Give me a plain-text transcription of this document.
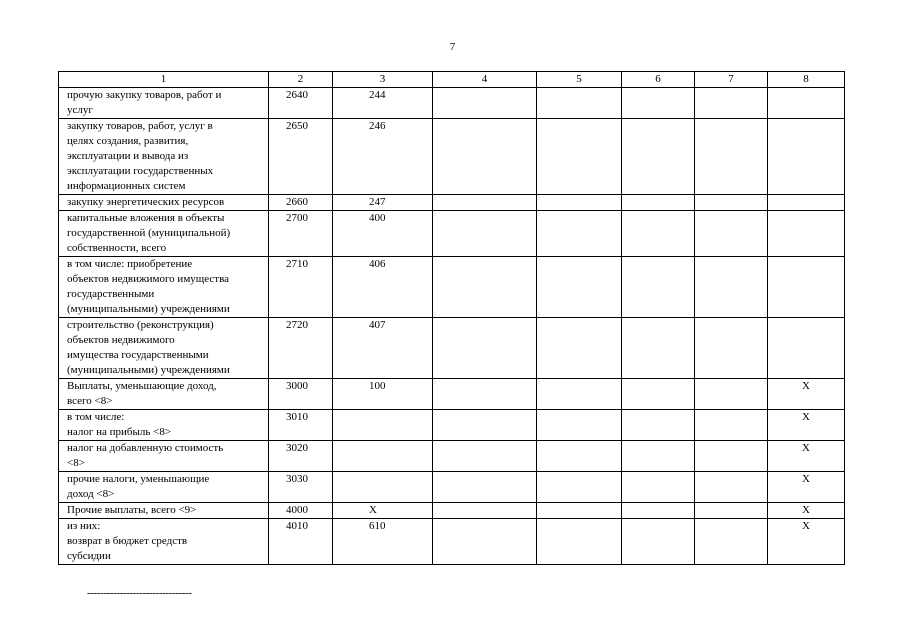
7
1	2	3	4	5	6	7	8
прочую закупку товаров, работ и
услуг	2640	244					
закупку товаров, работ, услуг в
целях создания, развития,
эксплуатации и вывода из
эксплуатации государственных
информационных систем	2650	246					
закупку энергетических ресурсов	2660	247					
капитальные вложения в объекты
государственной (муниципальной)
собственности, всего	2700	400					
в том числе: приобретение
объектов недвижимого имущества
государственными
(муниципальными) учреждениями	2710	406					
строительство (реконструкция)
объектов недвижимого
имущества государственными
(муниципальными) учреждениями	2720	407					
Выплаты, уменьшающие доход,
всего <8>	3000	100					X
в том числе:
налог на прибыль <8>	3010						X
налог на добавленную стоимость
<8>	3020						X
прочие налоги, уменьшающие
доход <8>	3030						X
Прочие выплаты, всего <9>	4000	X					X
из них:
возврат в бюджет средств
субсидии	4010	610					X
--------------------------------
